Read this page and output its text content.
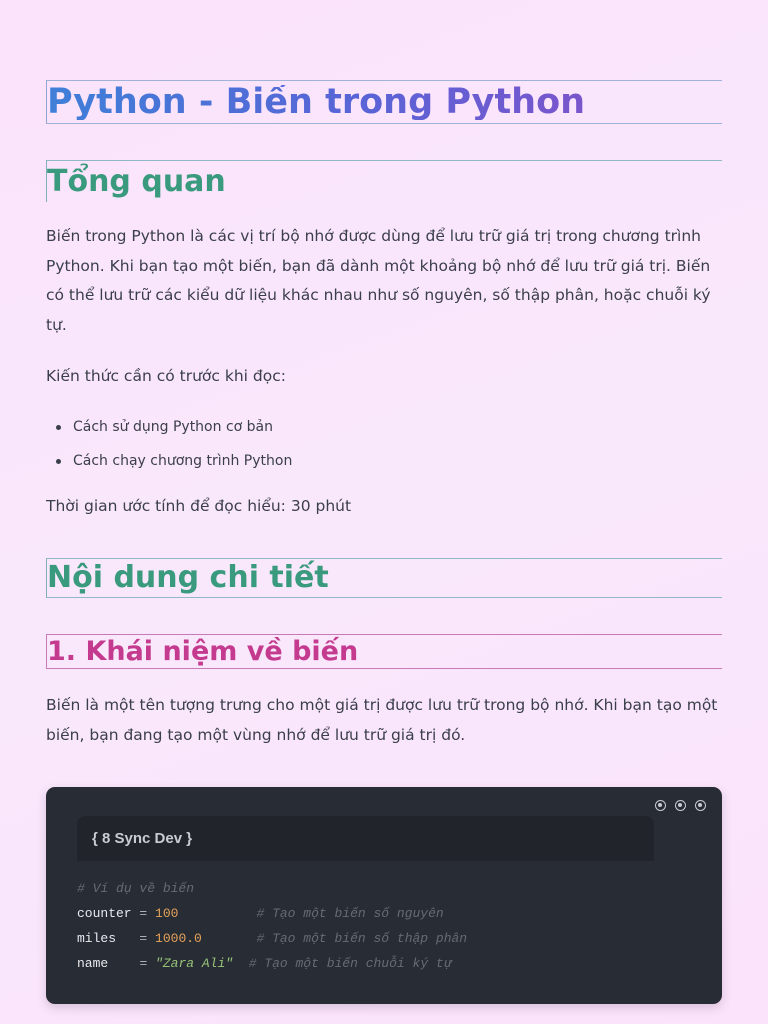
Python - Biến trong Python
Tổng quan

Biến trong Python là các vị trí bộ nhớ được dùng để lưu trữ giá trị trong chương trình Python. Khi bạn tạo một biến, bạn đã dành một khoảng bộ nhớ để lưu trữ giá trị. Biến có thể lưu trữ các kiểu dữ liệu khác nhau như số nguyên, số thập phân, hoặc chuỗi ký tự.

Kiến thức cần có trước khi đọc:

Cách sử dụng Python cơ bản
Cách chạy chương trình Python

Thời gian ước tính để đọc hiểu: 30 phút

Nội dung chi tiết
1. Khái niệm về biến

Biến là một tên tượng trưng cho một giá trị được lưu trữ trong bộ nhớ. Khi bạn tạo một biến, bạn đang tạo một vùng nhớ để lưu trữ giá trị đó.

{ 8 Sync Dev }
# Ví dụ về biến
counter = 100	# Tạo một biến số nguyên
miles = 1000.0	# Tạo một biến số thập phân
name = "Zara Ali" # Tạo một biến chuỗi ký tự
